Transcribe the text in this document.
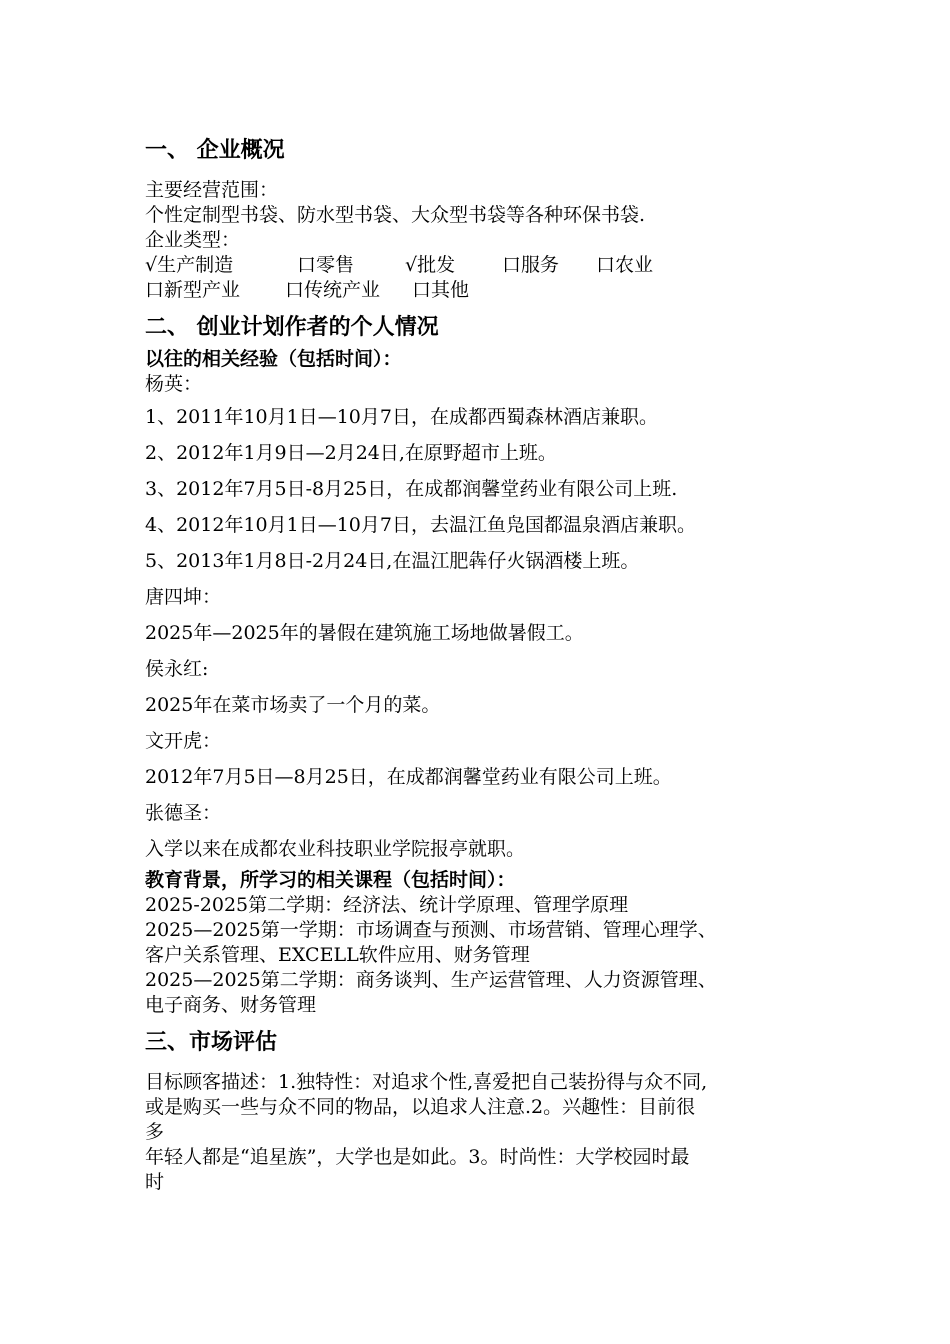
一、 企业概况

主要经营范围：

个性定制型书袋、防水型书袋、大众型书袋等各种环保书袋.

企业类型：

√生产制造	口零售	√批发	口服务	口农业
口新型产业	口传统产业	口其他
二、 创业计划作者的个人情况

以往的相关经验（包括时间）：

杨英：

1、2011年10月1日—10月7日，在成都西蜀森林酒店兼职。

2、2012年1月9日—2月24日,在原野超市上班。

3、2012年7月5日-8月25日，在成都润馨堂药业有限公司上班.

4、2012年10月1日—10月7日，去温江鱼凫国都温泉酒店兼职。

5、2013年1月8日-2月24日,在温江肥犇仔火锅酒楼上班。

唐四坤：

2025年—2025年的暑假在建筑施工场地做暑假工。

侯永红:

2025年在菜市场卖了一个月的菜。

文开虎：

2012年7月5日—8月25日，在成都润馨堂药业有限公司上班。

张德圣：

入学以来在成都农业科技职业学院报亭就职。

教育背景，所学习的相关课程（包括时间）：

2025-2025第二学期：经济法、统计学原理、管理学原理

2025—2025第一学期：市场调查与预测、市场营销、管理心理学、

客户关系管理、EXCELL软件应用、财务管理

2025—2025第二学期：商务谈判、生产运营管理、人力资源管理、

电子商务、财务管理

三、市场评估

目标顾客描述：1.独特性：对追求个性,喜爱把自己装扮得与众不同,

或是购买一些与众不同的物品，以追求人注意.2。兴趣性：目前很

多

年轻人都是“追星族”，大学也是如此。3。时尚性：大学校园时最

时
